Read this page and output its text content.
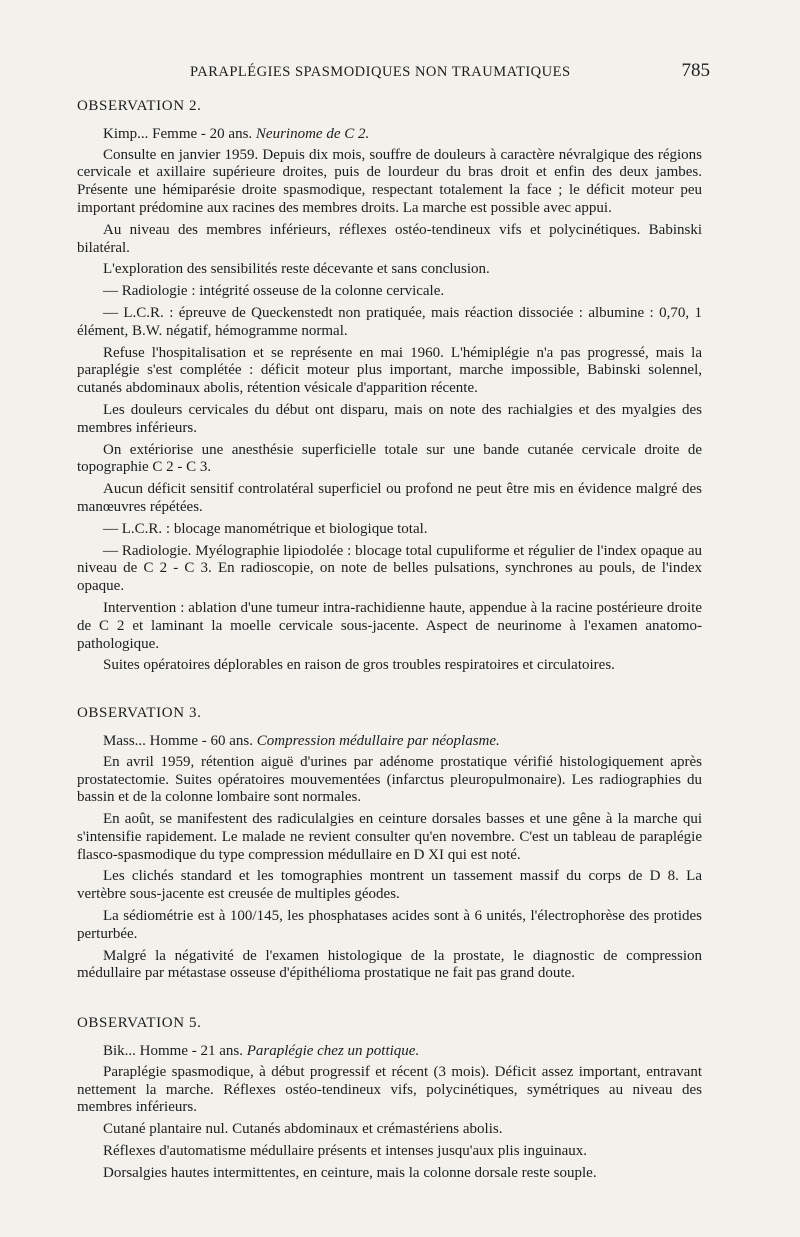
PARAPLÉGIES SPASMODIQUES NON TRAUMATIQUES	785
OBSERVATION 2.

Kimp... Femme - 20 ans. Neurinome de C 2.

Consulte en janvier 1959. Depuis dix mois, souffre de douleurs à caractère névralgique des régions cervicale et axillaire supérieure droites, puis de lourdeur du bras droit et enfin des deux jambes. Présente une hémiparésie droite spasmodique, respectant totalement la face ; le déficit moteur peu important prédomine aux racines des membres droits. La marche est possible avec appui.

Au niveau des membres inférieurs, réflexes ostéo-tendineux vifs et polycinétiques. Babinski bilatéral.

L'exploration des sensibilités reste décevante et sans conclusion.

— Radiologie : intégrité osseuse de la colonne cervicale.

— L.C.R. : épreuve de Queckenstedt non pratiquée, mais réaction dissociée : albumine : 0,70, 1 élément, B.W. négatif, hémogramme normal.

Refuse l'hospitalisation et se représente en mai 1960. L'hémiplégie n'a pas progressé, mais la paraplégie s'est complétée : déficit moteur plus important, marche impossible, Babinski solennel, cutanés abdominaux abolis, rétention vésicale d'apparition récente.

Les douleurs cervicales du début ont disparu, mais on note des rachialgies et des myalgies des membres inférieurs.

On extériorise une anesthésie superficielle totale sur une bande cutanée cervicale droite de topographie C 2 - C 3.

Aucun déficit sensitif controlatéral superficiel ou profond ne peut être mis en évidence malgré des manœuvres répétées.

— L.C.R. : blocage manométrique et biologique total.

— Radiologie. Myélographie lipiodolée : blocage total cupuliforme et régulier de l'index opaque au niveau de C 2 - C 3. En radioscopie, on note de belles pulsations, synchrones au pouls, de l'index opaque.

Intervention : ablation d'une tumeur intra-rachidienne haute, appendue à la racine postérieure droite de C 2 et laminant la moelle cervicale sous-jacente. Aspect de neurinome à l'examen anatomo-pathologique.

Suites opératoires déplorables en raison de gros troubles respiratoires et circulatoires.

OBSERVATION 3.

Mass... Homme - 60 ans. Compression médullaire par néoplasme.

En avril 1959, rétention aiguë d'urines par adénome prostatique vérifié histologiquement après prostatectomie. Suites opératoires mouvementées (infarctus pleuropulmonaire). Les radiographies du bassin et de la colonne lombaire sont normales.

En août, se manifestent des radiculalgies en ceinture dorsales basses et une gêne à la marche qui s'intensifie rapidement. Le malade ne revient consulter qu'en novembre. C'est un tableau de paraplégie flasco-spasmodique du type compression médullaire en D XI qui est noté.

Les clichés standard et les tomographies montrent un tassement massif du corps de D 8. La vertèbre sous-jacente est creusée de multiples géodes.

La sédiométrie est à 100/145, les phosphatases acides sont à 6 unités, l'électrophorèse des protides perturbée.

Malgré la négativité de l'examen histologique de la prostate, le diagnostic de compression médullaire par métastase osseuse d'épithélioma prostatique ne fait pas grand doute.

OBSERVATION 5.

Bik... Homme - 21 ans. Paraplégie chez un pottique.

Paraplégie spasmodique, à début progressif et récent (3 mois). Déficit assez important, entravant nettement la marche. Réflexes ostéo-tendineux vifs, polycinétiques, symétriques au niveau des membres inférieurs.

Cutané plantaire nul. Cutanés abdominaux et crémastériens abolis.

Réflexes d'automatisme médullaire présents et intenses jusqu'aux plis inguinaux.

Dorsalgies hautes intermittentes, en ceinture, mais la colonne dorsale reste souple.
